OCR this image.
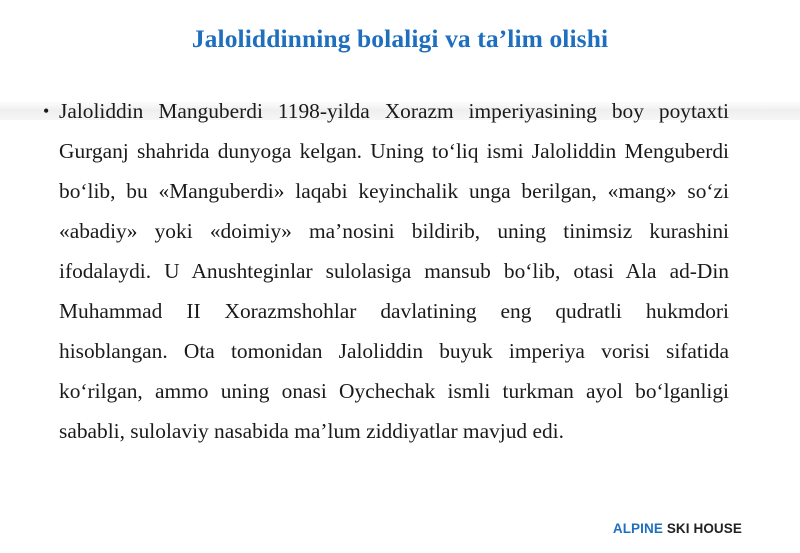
Jaloliddinning bolaligi va ta’lim olishi
• Jaloliddin Manguberdi 1198-yilda Xorazm imperiyasining boy poytaxti Gurganj shahrida dunyoga kelgan. Uning to‘liq ismi Jaloliddin Menguberdi bo‘lib, bu «Manguberdi» laqabi keyinchalik unga berilgan, «mang» so‘zi «abadiy» yoki «doimiy» ma’nosini bildirib, uning tinimsiz kurashini ifodalaydi. U Anushteginlar sulolasiga mansub bo‘lib, otasi Ala ad-Din Muhammad II Xorazmshohlar davlatining eng qudratli hukmdori hisoblangan. Ota tomonidan Jaloliddin buyuk imperiya vorisi sifatida ko‘rilgan, ammo uning onasi Oychechak ismli turkman ayol bo‘lganligi sababli, sulolaviy nasabida ma’lum ziddiyatlar mavjud edi.

ALPINE SKI HOUSE
